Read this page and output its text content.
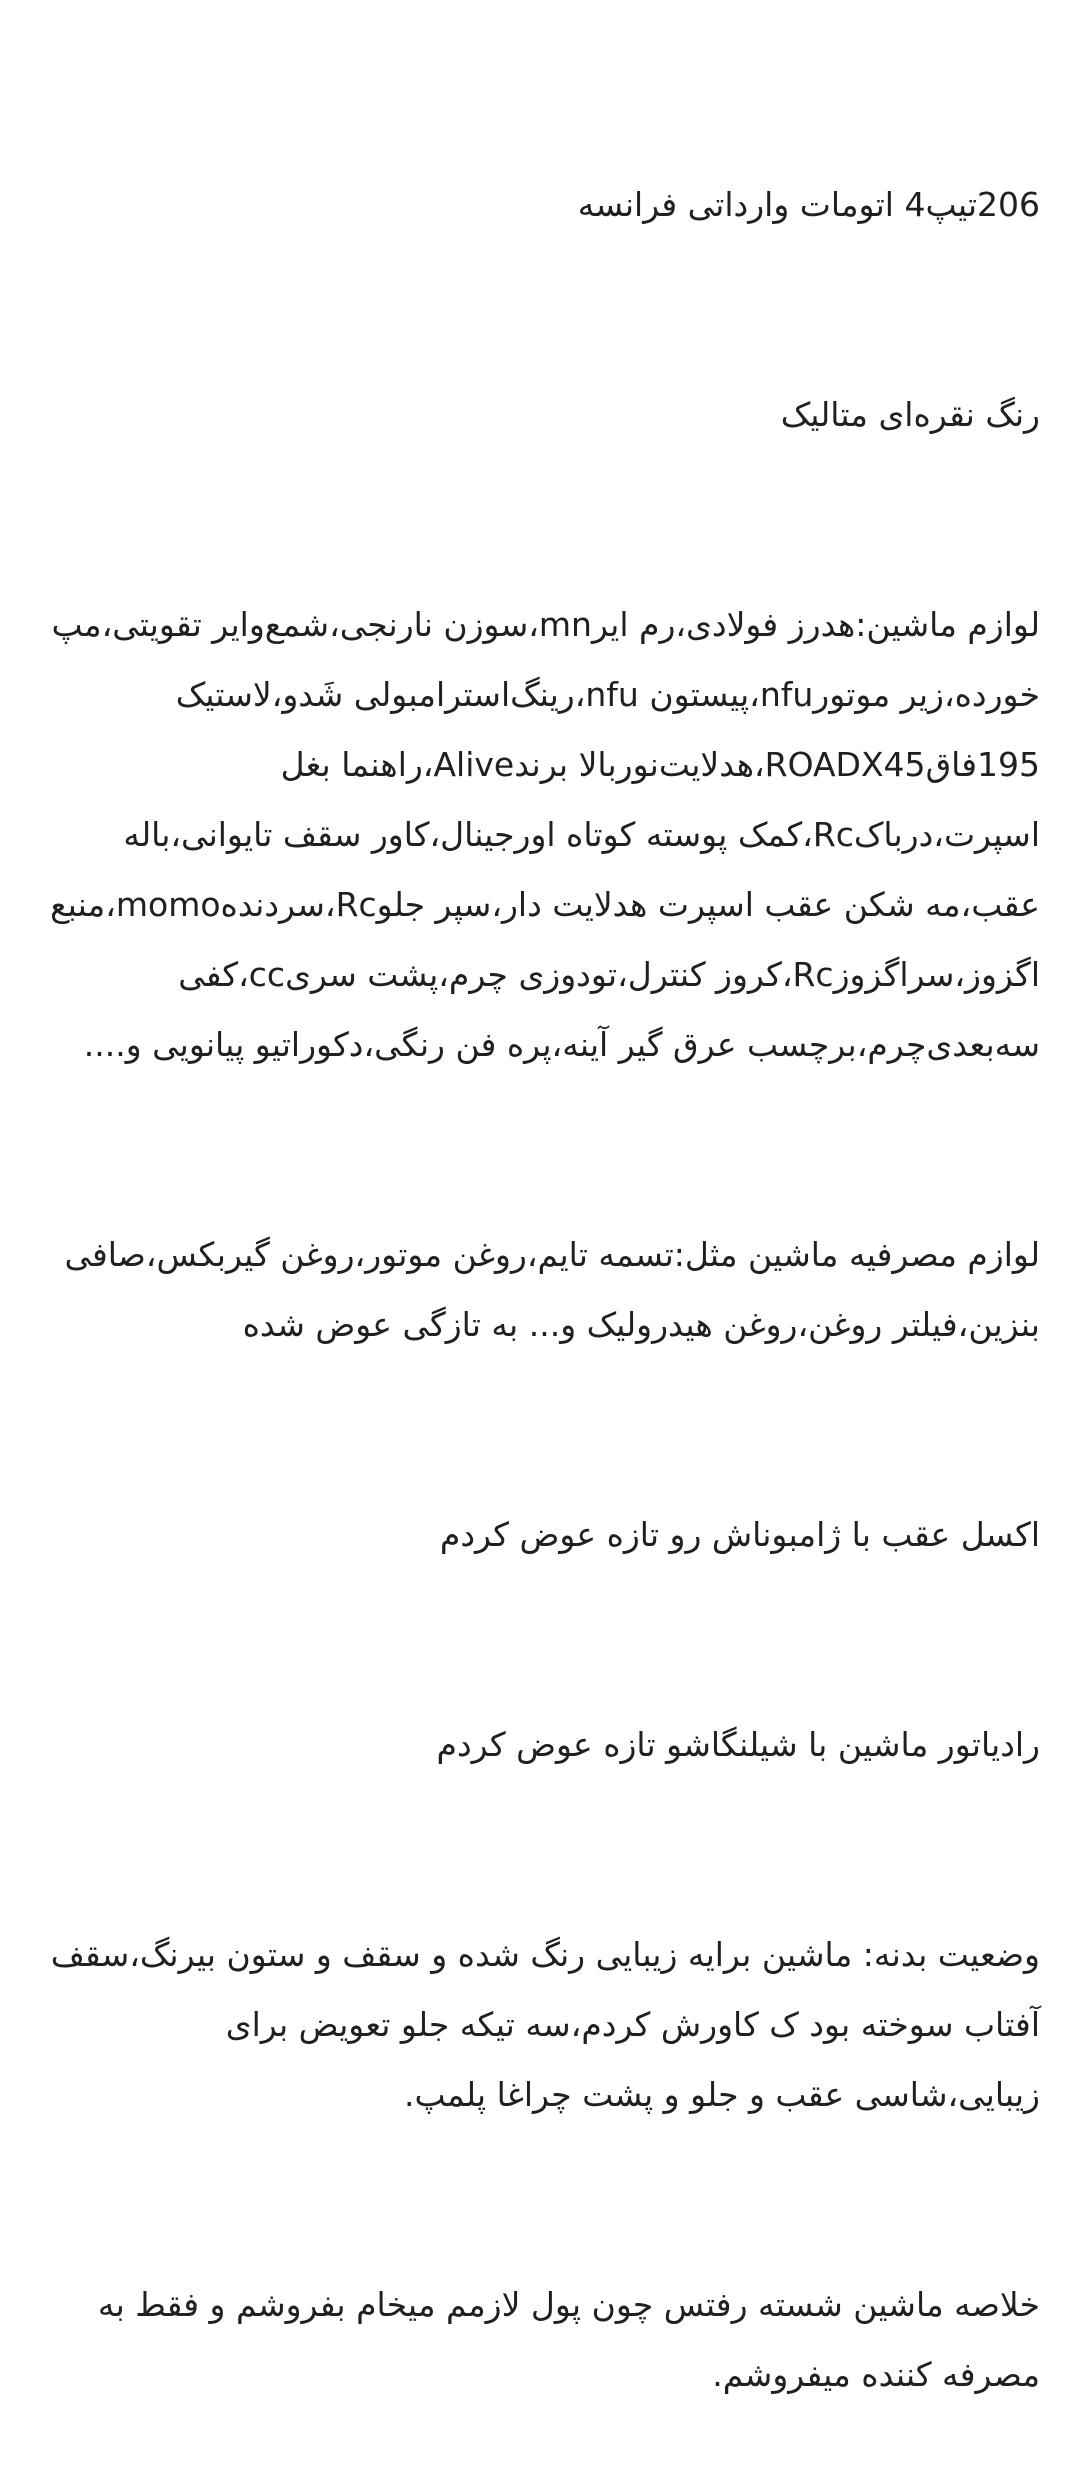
206تیپ4 اتومات وارداتی فرانسه

رنگ نقره‌ای متالیک

لوازم ماشین:هدرز فولادی،رم ایرmn،سوزن نارنجی،شمع‌وایر تقویتی،مپ خورده،زیر موتورnfu،پیستون nfu،رینگ‌استرامبولی شَدو،لاستیک 195فاقROADX45،هدلایت‌نوربالا برندAlive،راهنما بغل اسپرت،درباکRc،کمک پوسته کوتاه اورجینال،کاور سقف تایوانی،باله عقب،مه شکن عقب اسپرت هدلایت دار،سپر جلوRc،سردندهmomo،منبع اگزوز،سراگزوزRc،کروز کنترل،تودوزی چرم،پشت سریcc،کفی سه‌بعدی‌چرم،برچسب عرق گیر آینه،پره فن رنگی،دکوراتیو پیانویی و....

لوازم مصرفیه ماشین مثل:تسمه تایم،روغن موتور،روغن گیربکس،صافی بنزین،فیلتر روغن،روغن هیدرولیک و... به تازگی عوض شده

اکسل عقب با ژامبوناش رو تازه عوض کردم

رادیاتور ماشین با شیلنگاشو تازه عوض کردم

وضعیت بدنه: ماشین برایه زیبایی رنگ شده و سقف و ستون بیرنگ،سقف آفتاب سوخته بود ک کاورش کردم،سه تیکه جلو تعویض برای زیبایی،شاسی عقب و جلو و پشت چراغا پلمپ.

خلاصه ماشین شسته رفتس چون پول لازمم میخام بفروشم و فقط به مصرفه کننده میفروشم.
